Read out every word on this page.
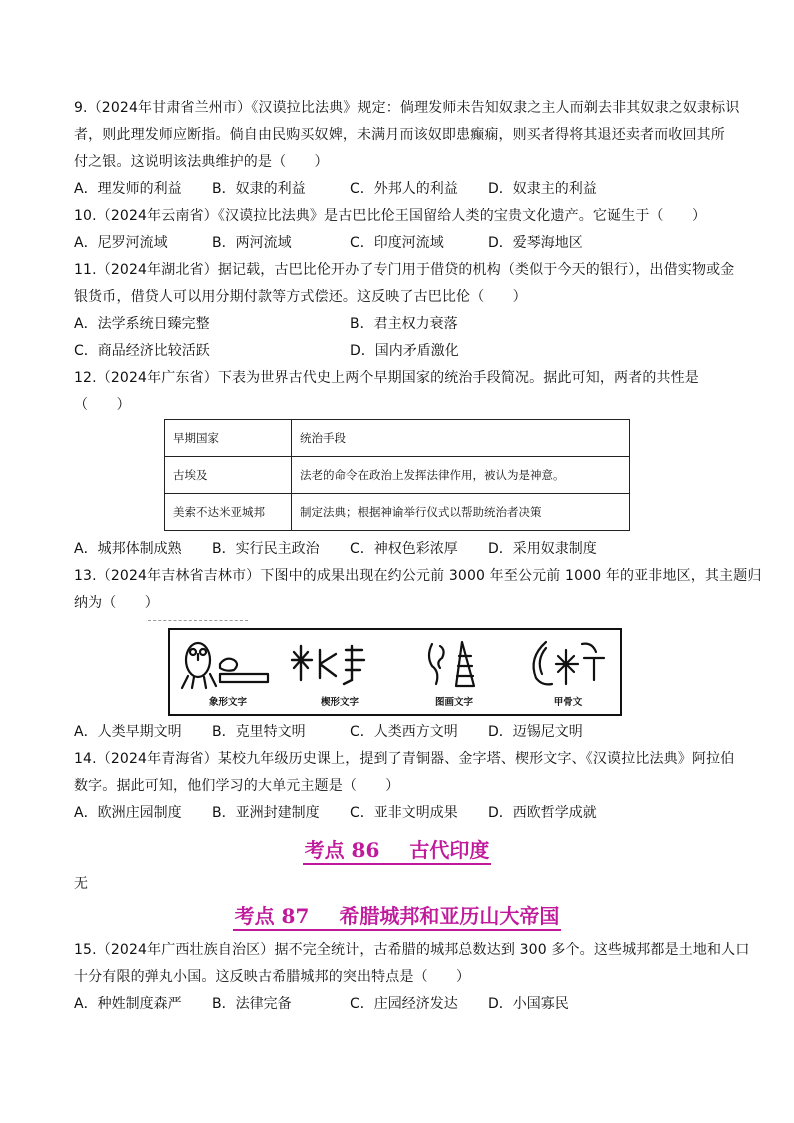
9.（2024年甘肃省兰州市）《汉谟拉比法典》规定：倘理发师未告知奴隶之主人而剃去非其奴隶之奴隶标识
者，则此理发师应断指。倘自由民购买奴婢，未满月而该奴即患癫痫，则买者得将其退还卖者而收回其所
付之银。这说明该法典维护的是（　　）
A．理发师的利益 B．奴隶的利益	C．外邦人的利益 D．奴隶主的利益
10.（2024年云南省）《汉谟拉比法典》是古巴比伦王国留给人类的宝贵文化遗产。它诞生于（　　）
A．尼罗河流域	B．两河流域	C．印度河流域	D．爱琴海地区
11.（2024年湖北省）据记载，古巴比伦开办了专门用于借贷的机构（类似于今天的银行），出借实物或金
银货币，借贷人可以用分期付款等方式偿还。这反映了古巴比伦（　　）
A．法学系统日臻完整	B．君主权力衰落
C．商品经济比较活跃	D．国内矛盾激化
12.（2024年广东省）下表为世界古代史上两个早期国家的统治手段简况。据此可知，两者的共性是
（　　）
早期国家	统治手段
古埃及	法老的命令在政治上发挥法律作用，被认为是神意。
美索不达米亚城邦	制定法典；根据神谕举行仪式以帮助统治者决策
A．城邦体制成熟 B．实行民主政治 C．神权色彩浓厚 D．采用奴隶制度
13.（2024年吉林省吉林市）下图中的成果出现在约公元前 3000 年至公元前 1000 年的亚非地区，其主题归
纳为（　　）
象形文字	楔形文字	图画文字	甲骨文
A．人类早期文明 B．克里特文明	C．人类西方文明 D．迈锡尼文明
14.（2024年青海省）某校九年级历史课上，提到了青铜器、金字塔、楔形文字、《汉谟拉比法典》阿拉伯
数字。据此可知，他们学习的大单元主题是（　　）
A．欧洲庄园制度 B．亚洲封建制度 C．亚非文明成果 D．西欧哲学成就
考点 86 古代印度
无
考点 87 希腊城邦和亚历山大帝国
15.（2024年广西壮族自治区）据不完全统计，古希腊的城邦总数达到 300 多个。这些城邦都是土地和人口
十分有限的弹丸小国。这反映古希腊城邦的突出特点是（　　）
A．种姓制度森严 B．法律完备	C．庄园经济发达 D．小国寡民
